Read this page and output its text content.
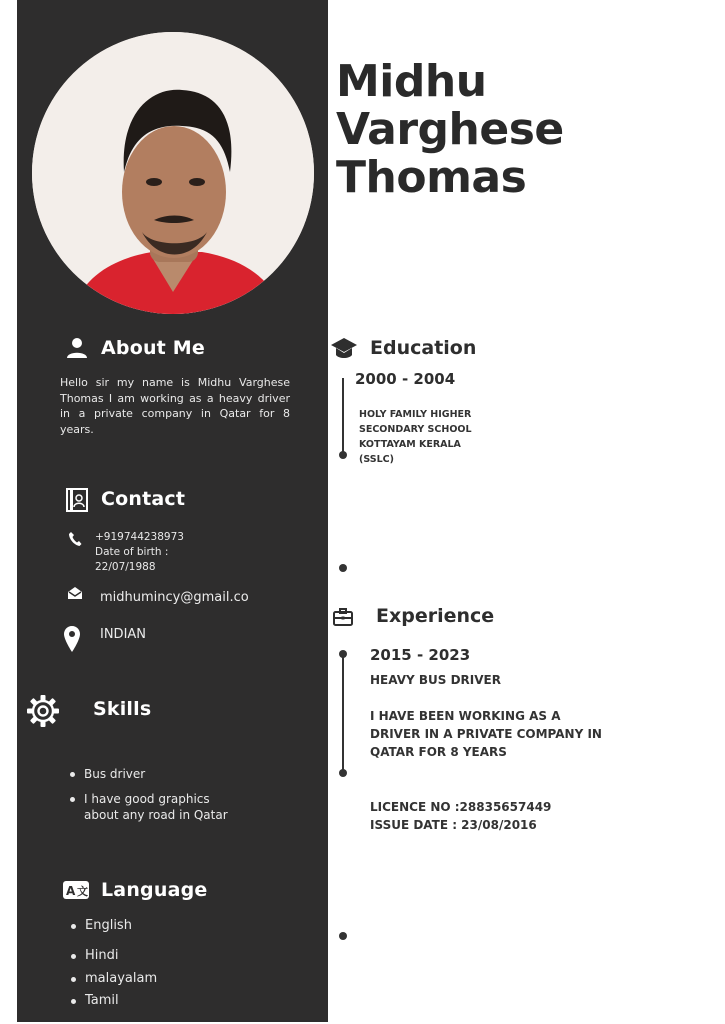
About Me
Hello sir my name is Midhu Varghese Thomas I am working as a heavy driver in a private company in Qatar for 8 years.
Contact
+919744238973
Date of birth :
22/07/1988
midhumincy@gmail.co
INDIAN
Skills
Bus driver
I have good graphics about any road in Qatar
A 文 Language
English
Hindi
malayalam
Tamil
Midhu
Varghese
Thomas
Education
2000 - 2004
HOLY FAMILY HIGHER SECONDARY SCHOOL KOTTAYAM KERALA (SSLC)
Experience
2015 - 2023
HEAVY BUS DRIVER
I HAVE BEEN WORKING AS A DRIVER IN A PRIVATE COMPANY IN QATAR FOR 8 YEARS
LICENCE NO :28835657449
ISSUE DATE : 23/08/2016
